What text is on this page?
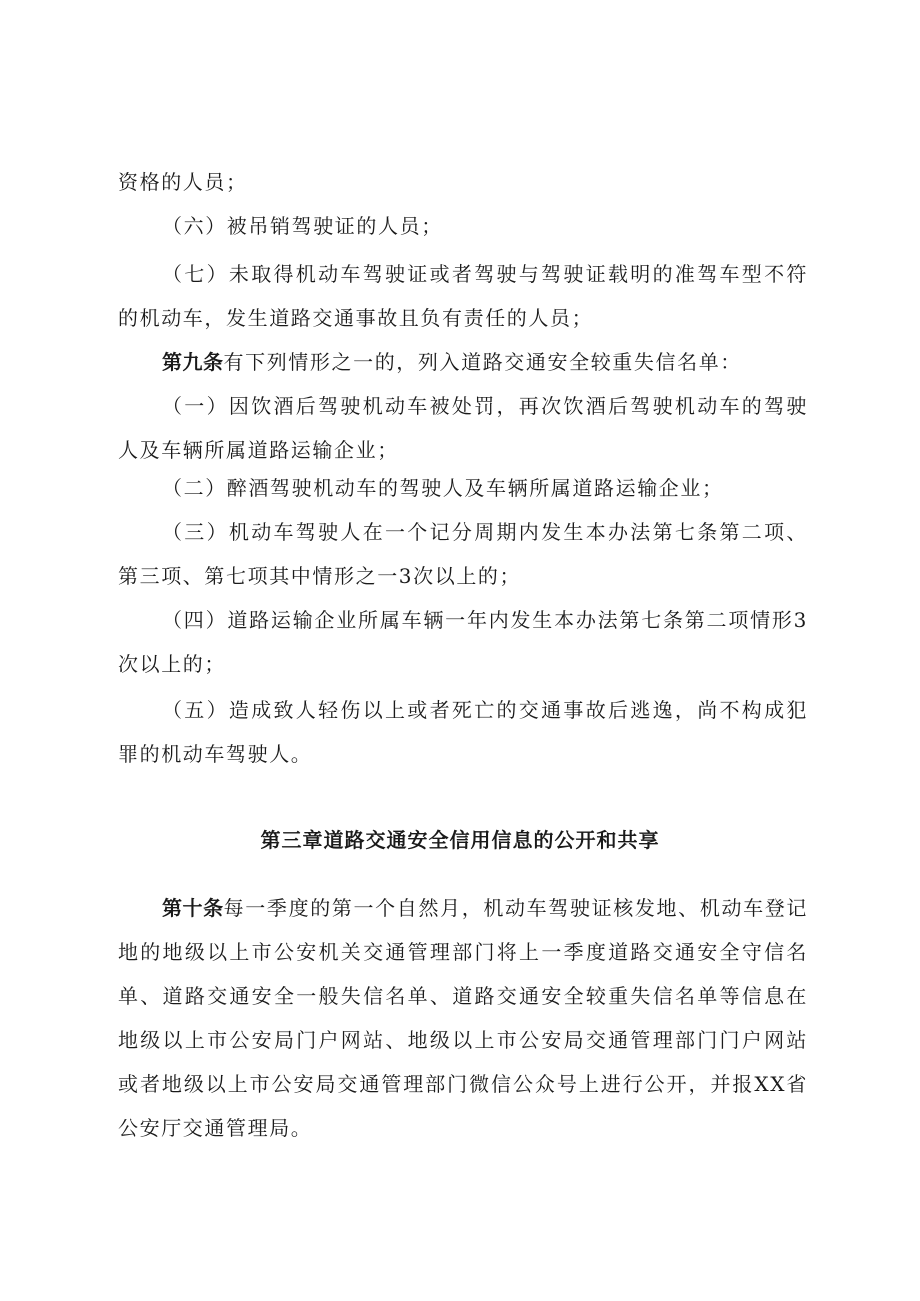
资格的人员；

（六）被吊销驾驶证的人员；

（七）未取得机动车驾驶证或者驾驶与驾驶证载明的准驾车型不符的机动车，发生道路交通事故且负有责任的人员；

第九条有下列情形之一的，列入道路交通安全较重失信名单：

（一）因饮酒后驾驶机动车被处罚，再次饮酒后驾驶机动车的驾驶人及车辆所属道路运输企业；

（二）醉酒驾驶机动车的驾驶人及车辆所属道路运输企业；

（三）机动车驾驶人在一个记分周期内发生本办法第七条第二项、第三项、第七项其中情形之一3次以上的；

（四）道路运输企业所属车辆一年内发生本办法第七条第二项情形3次以上的；

（五）造成致人轻伤以上或者死亡的交通事故后逃逸，尚不构成犯罪的机动车驾驶人。

第三章道路交通安全信用信息的公开和共享

第十条每一季度的第一个自然月，机动车驾驶证核发地、机动车登记地的地级以上市公安机关交通管理部门将上一季度道路交通安全守信名单、道路交通安全一般失信名单、道路交通安全较重失信名单等信息在地级以上市公安局门户网站、地级以上市公安局交通管理部门门户网站或者地级以上市公安局交通管理部门微信公众号上进行公开，并报XX省公安厅交通管理局。
